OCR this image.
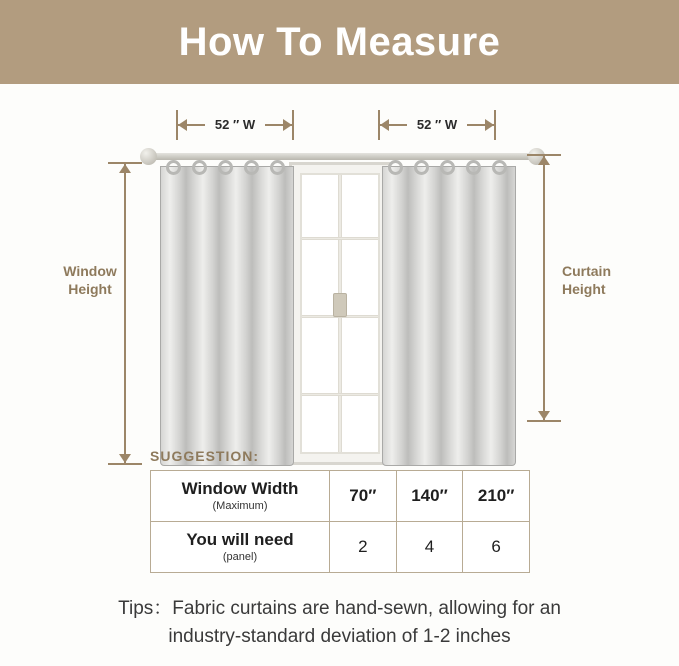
How To Measure
52 ″ W	52 ″ W
Window
Height
Curtain
Height
SUGGESTION:
Window Width
(Maximum)	70″	140″	210″

You will need
(panel)	2	4	6
Tips：Fabric curtains are hand-sewn, allowing for an
industry-standard deviation of 1-2 inches
